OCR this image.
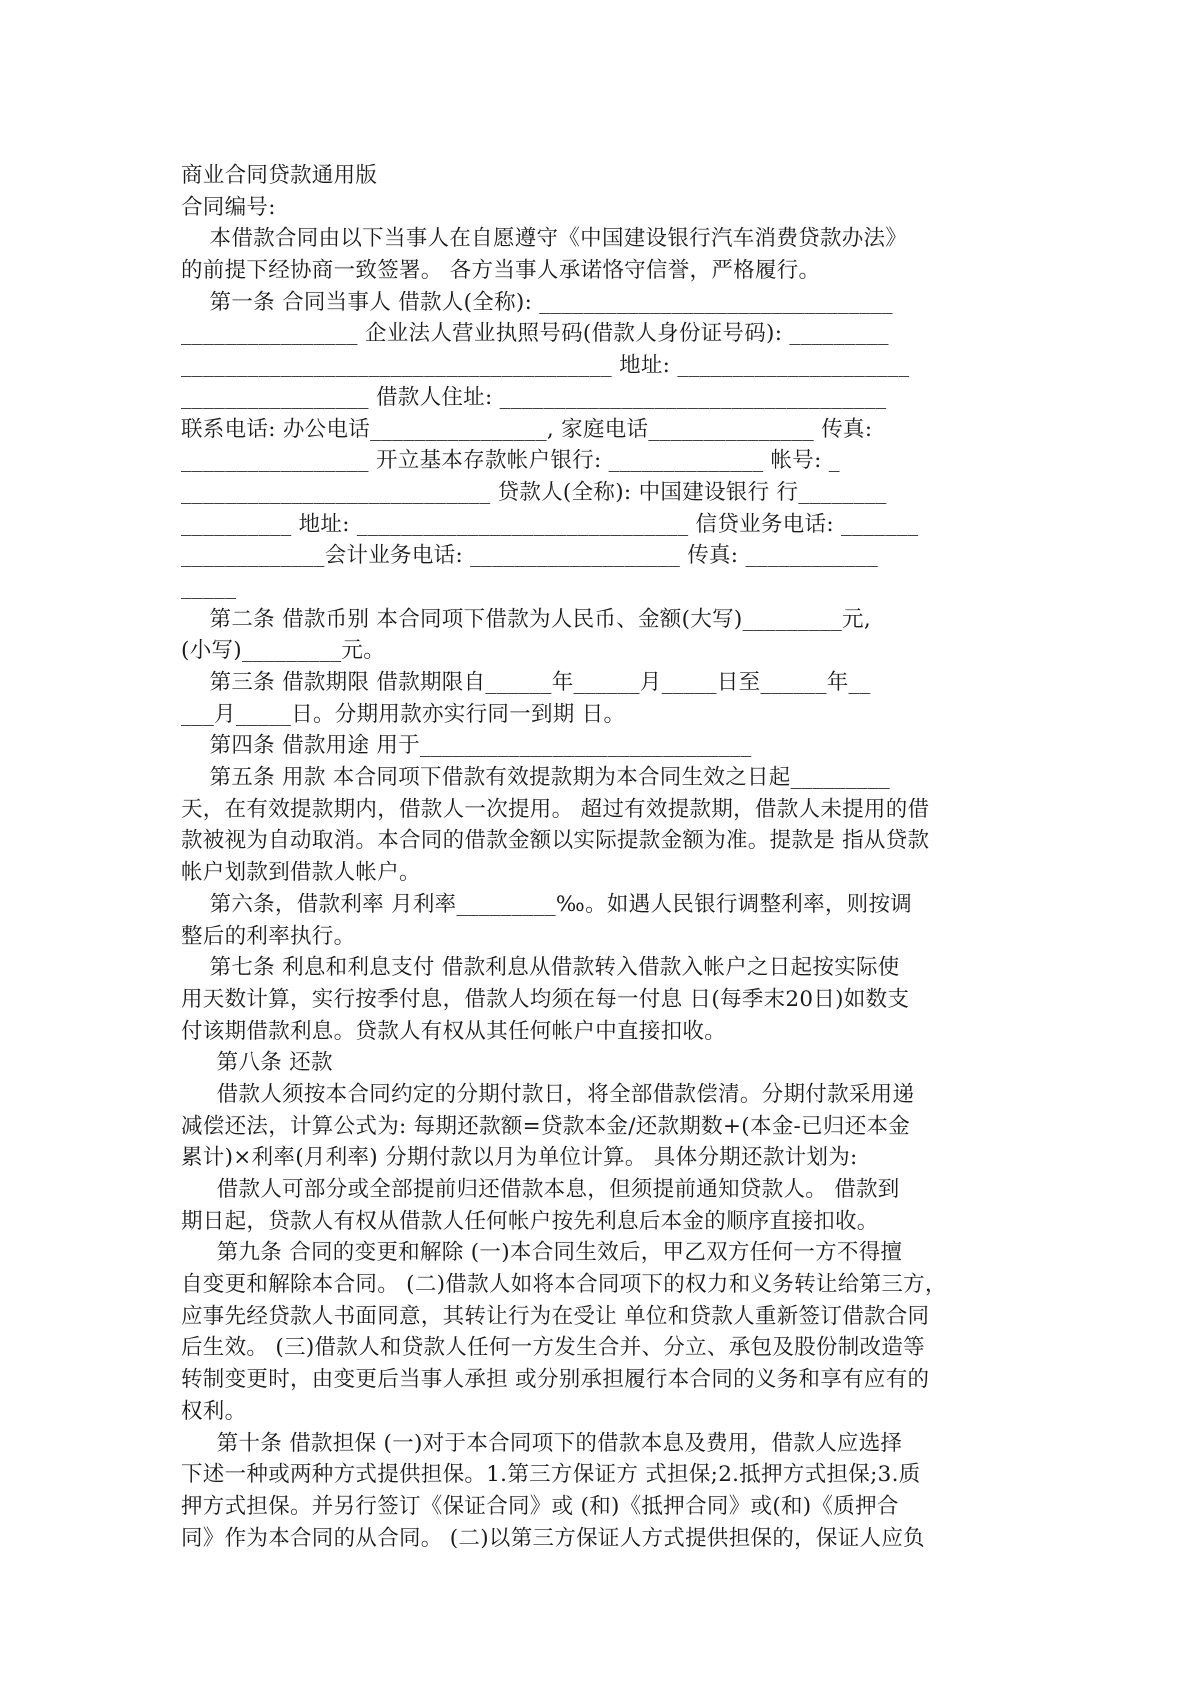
商业合同贷款通用版
合同编号:
本借款合同由以下当事人在自愿遵守《中国建设银行汽车消费贷款办法》
的前提下经协商一致签署。 各方当事人承诺恪守信誉，严格履行。
第一条 合同当事人 借款人(全称): ________________________________
________________ 企业法人营业执照号码(借款人身份证号码): _________
_______________________________________ 地址: _____________________
_________________ 借款人住址: ___________________________________
联系电话: 办公电话________________, 家庭电话_______________ 传真:
_________________ 开立基本存款帐户银行: ______________ 帐号: _
____________________________ 贷款人(全称): 中国建设银行 行________
__________ 地址: ______________________________ 信贷业务电话: _______
_____________会计业务电话: ___________________ 传真: ____________
_____
第二条 借款币别 本合同项下借款为人民币、金额(大写)_________元,
(小写)_________元。
第三条 借款期限 借款期限自______年______月_____日至______年__
___月_____日。分期用款亦实行同一到期 日。
第四条 借款用途 用于______________________________
第五条 用款 本合同项下借款有效提款期为本合同生效之日起_________
天，在有效提款期内，借款人一次提用。 超过有效提款期，借款人未提用的借
款被视为自动取消。本合同的借款金额以实际提款金额为准。提款是 指从贷款
帐户划款到借款人帐户。
第六条，借款利率 月利率_________‰。如遇人民银行调整利率，则按调
整后的利率执行。
第七条 利息和利息支付 借款利息从借款转入借款入帐户之日起按实际使
用天数计算，实行按季付息，借款人均须在每一付息 日(每季末20日)如数支
付该期借款利息。贷款人有权从其任何帐户中直接扣收。
第八条 还款
借款人须按本合同约定的分期付款日，将全部借款偿清。分期付款采用递
减偿还法，计算公式为: 每期还款额=贷款本金/还款期数+(本金-已归还本金
累计)×利率(月利率) 分期付款以月为单位计算。 具体分期还款计划为:
借款人可部分或全部提前归还借款本息，但须提前通知贷款人。 借款到
期日起，贷款人有权从借款人任何帐户按先利息后本金的顺序直接扣收。
第九条 合同的变更和解除 (一)本合同生效后，甲乙双方任何一方不得擅
自变更和解除本合同。 (二)借款人如将本合同项下的权力和义务转让给第三方，
应事先经贷款人书面同意，其转让行为在受让 单位和贷款人重新签订借款合同
后生效。 (三)借款人和贷款人任何一方发生合并、分立、承包及股份制改造等
转制变更时，由变更后当事人承担 或分别承担履行本合同的义务和享有应有的
权利。
第十条 借款担保 (一)对于本合同项下的借款本息及费用，借款人应选择
下述一种或两种方式提供担保。1.第三方保证方 式担保;2.抵押方式担保;3.质
押方式担保。并另行签订《保证合同》或 (和)《抵押合同》或(和)《质押合
同》作为本合同的从合同。 (二)以第三方保证人方式提供担保的，保证人应负
